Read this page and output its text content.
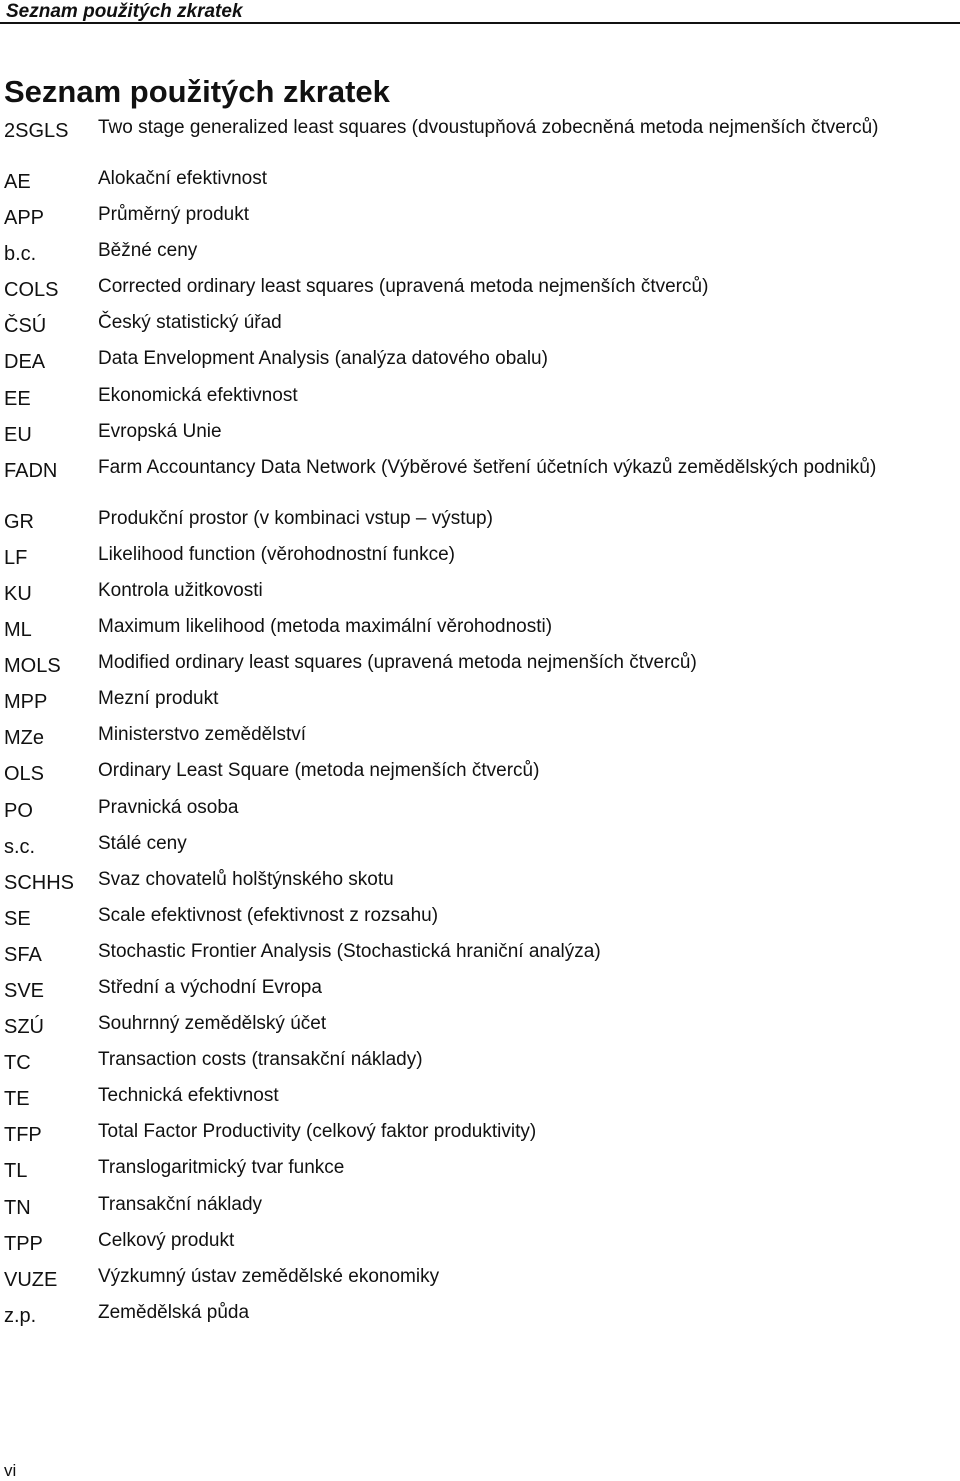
Seznam použitých zkratek
Seznam použitých zkratek
2SGLS	Two stage generalized least squares (dvoustupňová zobecněná metoda nejmenších čtverců)
AE	Alokační efektivnost
APP	Průměrný produkt
b.c.	Běžné ceny
COLS	Corrected ordinary least squares (upravená metoda nejmenších čtverců)
ČSÚ	Český statistický úřad
DEA	Data Envelopment Analysis (analýza datového obalu)
EE	Ekonomická efektivnost
EU	Evropská Unie
FADN	Farm Accountancy Data Network (Výběrové šetření účetních výkazů zemědělských podniků)
GR	Produkční prostor (v kombinaci vstup – výstup)
LF	Likelihood function (věrohodnostní funkce)
KU	Kontrola užitkovosti
ML	Maximum likelihood (metoda maximální věrohodnosti)
MOLS	Modified ordinary least squares (upravená metoda nejmenších čtverců)
MPP	Mezní produkt
MZe	Ministerstvo zemědělství
OLS	Ordinary Least Square (metoda nejmenších čtverců)
PO	Pravnická osoba
s.c.	Stálé ceny
SCHHS	Svaz chovatelů holštýnského skotu
SE	Scale efektivnost (efektivnost z rozsahu)
SFA	Stochastic Frontier Analysis (Stochastická hraniční analýza)
SVE	Střední a východní Evropa
SZÚ	Souhrnný zemědělský účet
TC	Transaction costs (transakční náklady)
TE	Technická efektivnost
TFP	Total Factor Productivity (celkový faktor produktivity)
TL	Translogaritmický tvar funkce
TN	Transakční náklady
TPP	Celkový produkt
VUZE	Výzkumný ústav zemědělské ekonomiky
z.p.	Zemědělská půda
vi
